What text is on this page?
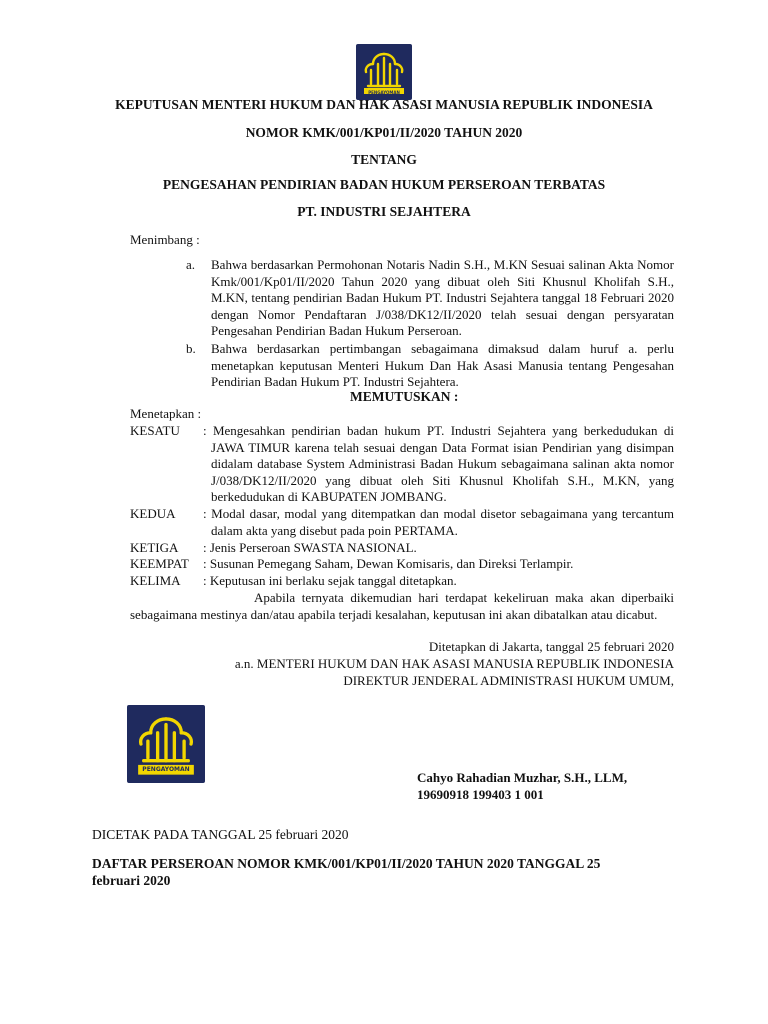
PENGAYOMAN
KEPUTUSAN MENTERI HUKUM DAN HAK ASASI MANUSIA REPUBLIK INDONESIA
NOMOR KMK/001/KP01/II/2020 TAHUN 2020
TENTANG
PENGESAHAN PENDIRIAN BADAN HUKUM PERSEROAN TERBATAS
PT. INDUSTRI SEJAHTERA
Menimbang :
a. Bahwa berdasarkan Permohonan Notaris Nadin S.H., M.KN Sesuai salinan Akta Nomor Kmk/001/Kp01/II/2020 Tahun 2020 yang dibuat oleh Siti Khusnul Kholifah S.H., M.KN, tentang pendirian Badan Hukum PT. Industri Sejahtera tanggal 18 Februari 2020 dengan Nomor Pendaftaran J/038/DK12/II/2020 telah sesuai dengan persyaratan Pengesahan Pendirian Badan Hukum Perseroan.
b. Bahwa berdasarkan pertimbangan sebagaimana dimaksud dalam huruf a. perlu menetapkan keputusan Menteri Hukum Dan Hak Asasi Manusia tentang Pengesahan Pendirian Badan Hukum PT. Industri Sejahtera.
MEMUTUSKAN :
Menetapkan :
KESATU : Mengesahkan pendirian badan hukum PT. Industri Sejahtera yang berkedudukan di JAWA TIMUR karena telah sesuai dengan Data Format isian Pendirian yang disimpan didalam database System Administrasi Badan Hukum sebagaimana salinan akta nomor J/038/DK12/II/2020 yang dibuat oleh Siti Khusnul Kholifah S.H., M.KN, yang berkedudukan di KABUPATEN JOMBANG.
KEDUA : Modal dasar, modal yang ditempatkan dan modal disetor sebagaimana yang tercantum dalam akta yang disebut pada poin PERTAMA.
KETIGA : Jenis Perseroan SWASTA NASIONAL.
KEEMPAT : Susunan Pemegang Saham, Dewan Komisaris, dan Direksi Terlampir.
KELIMA : Keputusan ini berlaku sejak tanggal ditetapkan.
Apabila ternyata dikemudian hari terdapat kekeliruan maka akan diperbaiki sebagaimana mestinya dan/atau apabila terjadi kesalahan, keputusan ini akan dibatalkan atau dicabut.
Ditetapkan di Jakarta, tanggal 25 februari 2020
a.n. MENTERI HUKUM DAN HAK ASASI MANUSIA REPUBLIK INDONESIA
DIREKTUR JENDERAL ADMINISTRASI HUKUM UMUM,
PENGAYOMAN
Cahyo Rahadian Muzhar, S.H., LLM,
19690918 199403 1 001
DICETAK PADA TANGGAL 25 februari 2020
DAFTAR PERSEROAN NOMOR KMK/001/KP01/II/2020 TAHUN 2020 TANGGAL 25
februari 2020
